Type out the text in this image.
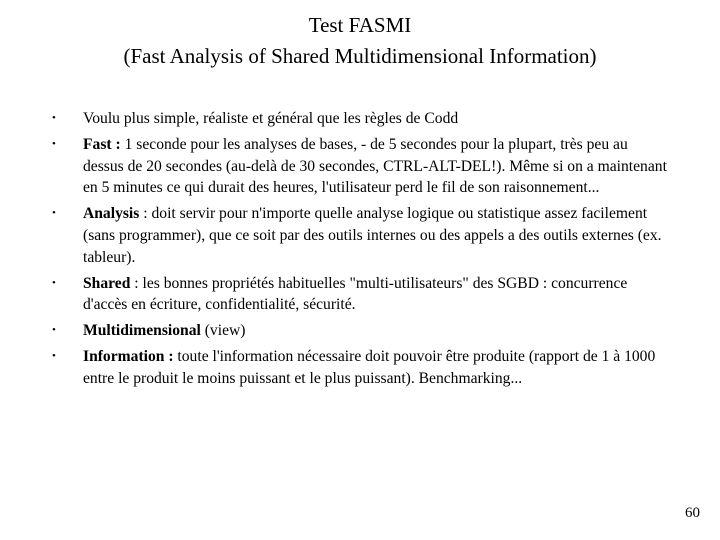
Test FASMI
(Fast Analysis of Shared Multidimensional Information)
•	Voulu plus simple, réaliste et général que les règles de Codd
•	Fast : 1 seconde pour les analyses de bases, - de 5 secondes pour la plupart, très peu au dessus de 20 secondes (au-delà de 30 secondes, CTRL-ALT-DEL!). Même si on a maintenant en 5 minutes ce qui durait des heures, l'utilisateur perd le fil de son raisonnement...
•	Analysis : doit servir pour n'importe quelle analyse logique ou statistique assez facilement (sans programmer), que ce soit par des outils internes ou des appels a des outils externes (ex. tableur).
•	Shared : les bonnes propriétés habituelles "multi-utilisateurs" des SGBD : concurrence d'accès en écriture, confidentialité, sécurité.
•	Multidimensional (view)
•	Information : toute l'information nécessaire doit pouvoir être produite (rapport de 1 à 1000 entre le produit le moins puissant et le plus puissant). Benchmarking...
60
